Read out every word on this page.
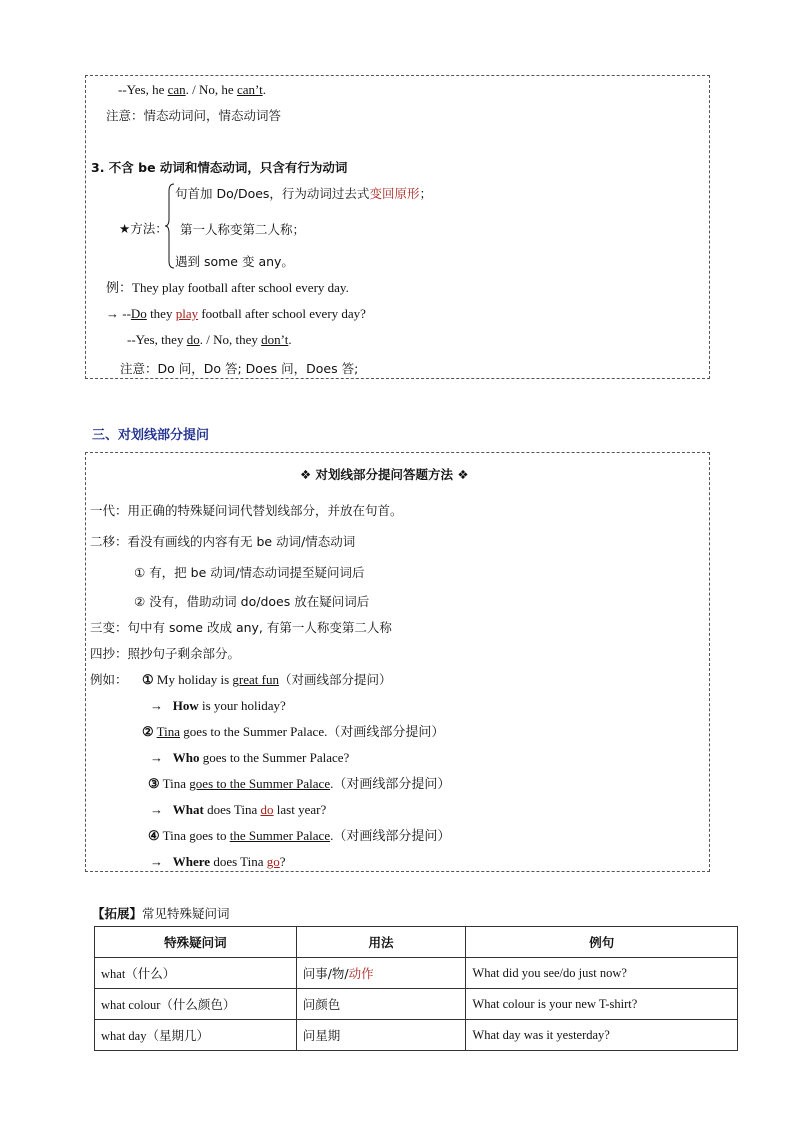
--Yes, he can. / No, he can’t.
注意：情态动词问，情态动词答
3. 不含 be 动词和情态动词，只含有行为动词
★方法：
句首加 Do/Does，行为动词过去式变回原形；
第一人称变第二人称；
遇到 some 变 any。
例：They play football after school every day.
→ --Do they play football after school every day?
--Yes, they do. / No, they don’t.
注意：Do 问，Do 答; Does 问，Does 答;
三、对划线部分提问
❖ 对划线部分提问答题方法 ❖
一代：用正确的特殊疑问词代替划线部分，并放在句首。
二移：看没有画线的内容有无 be 动词/情态动词
① 有，把 be 动词/情态动词提至疑问词后
② 没有，借助动词 do/does 放在疑问词后
三变：句中有 some 改成 any, 有第一人称变第二人称
四抄：照抄句子剩余部分。
例如： ① My holiday is great fun（对画线部分提问）
→ How is your holiday?
② Tina goes to the Summer Palace.（对画线部分提问）
→ Who goes to the Summer Palace?
③ Tina goes to the Summer Palace.（对画线部分提问）
→ What does Tina do last year?
④ Tina goes to the Summer Palace.（对画线部分提问）
→ Where does Tina go?
【拓展】常见特殊疑问词
特殊疑问词	用法	例句
what（什么）	问事/物/动作	What did you see/do just now?
what colour（什么颜色）	问颜色	What colour is your new T-shirt?
what day（星期几）	问星期	What day was it yesterday?
